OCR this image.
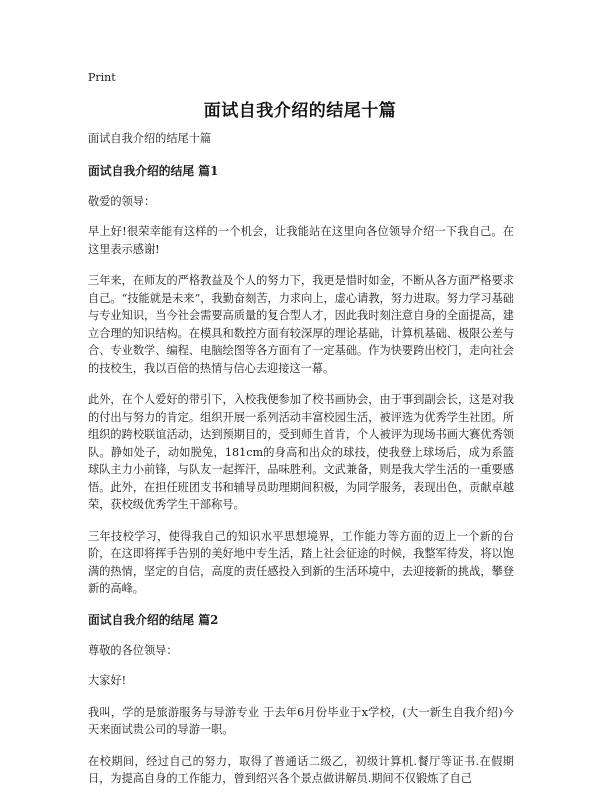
Print
面试自我介绍的结尾十篇

面试自我介绍的结尾十篇

面试自我介绍的结尾 篇1

敬爱的领导：

早上好!很荣幸能有这样的一个机会，让我能站在这里向各位领导介绍一下我自己。在这里表示感谢!

三年来，在师友的严格教益及个人的努力下，我更是惜时如金，不断从各方面严格要求自己。“技能就是未来”，我勤奋刻苦，力求向上，虚心请教，努力进取。努力学习基础与专业知识，当今社会需要高质量的复合型人才，因此我时刻注意自身的全面提高，建立合理的知识结构。在模具和数控方面有较深厚的理论基础，计算机基础、极限公差与合、专业数学、编程、电脑绘图等各方面有了一定基础。作为快要跨出校门，走向社会的技校生，我以百倍的热情与信心去迎接这一幕。

此外，在个人爱好的带引下，入校我便参加了校书画协会，由于事到副会长，这是对我的付出与努力的肯定。组织开展一系列活动丰富校园生活，被评选为优秀学生社团。所组织的跨校联谊活动，达到预期目的，受到师生首肯，个人被评为现场书画大赛优秀领队。静如处子，动如脱兔，181cm的身高和出众的球技，使我登上球场后，成为系篮球队主力小前锋，与队友一起挥汗，品味胜利。文武兼备，则是我大学生活的一重要感悟。此外，在担任班团支书和辅导员助理期间积极，为同学服务，表现出色，贡献卓越荣，获校级优秀学生干部称号。

三年技校学习，使得我自己的知识水平思想境界，工作能力等方面的迈上一个新的台阶，在这即将挥手告别的美好地中专生活，踏上社会征途的时候，我整军待发，将以饱满的热情，坚定的自信，高度的责任感投入到新的生活环境中，去迎接新的挑战，攀登新的高峰。

面试自我介绍的结尾 篇2

尊敬的各位领导：

大家好!

我叫，学的是旅游服务与导游专业 于去年6月份毕业于x学校，(大一新生自我介绍)今天来面试贵公司的导游一职。

在校期间，经过自己的努力，取得了普通话二级乙，初级计算机.餐厅等证书.在假期日，为提高自身的工作能力，曾到绍兴各个景点做讲解员.期间不仅锻炼了自己
